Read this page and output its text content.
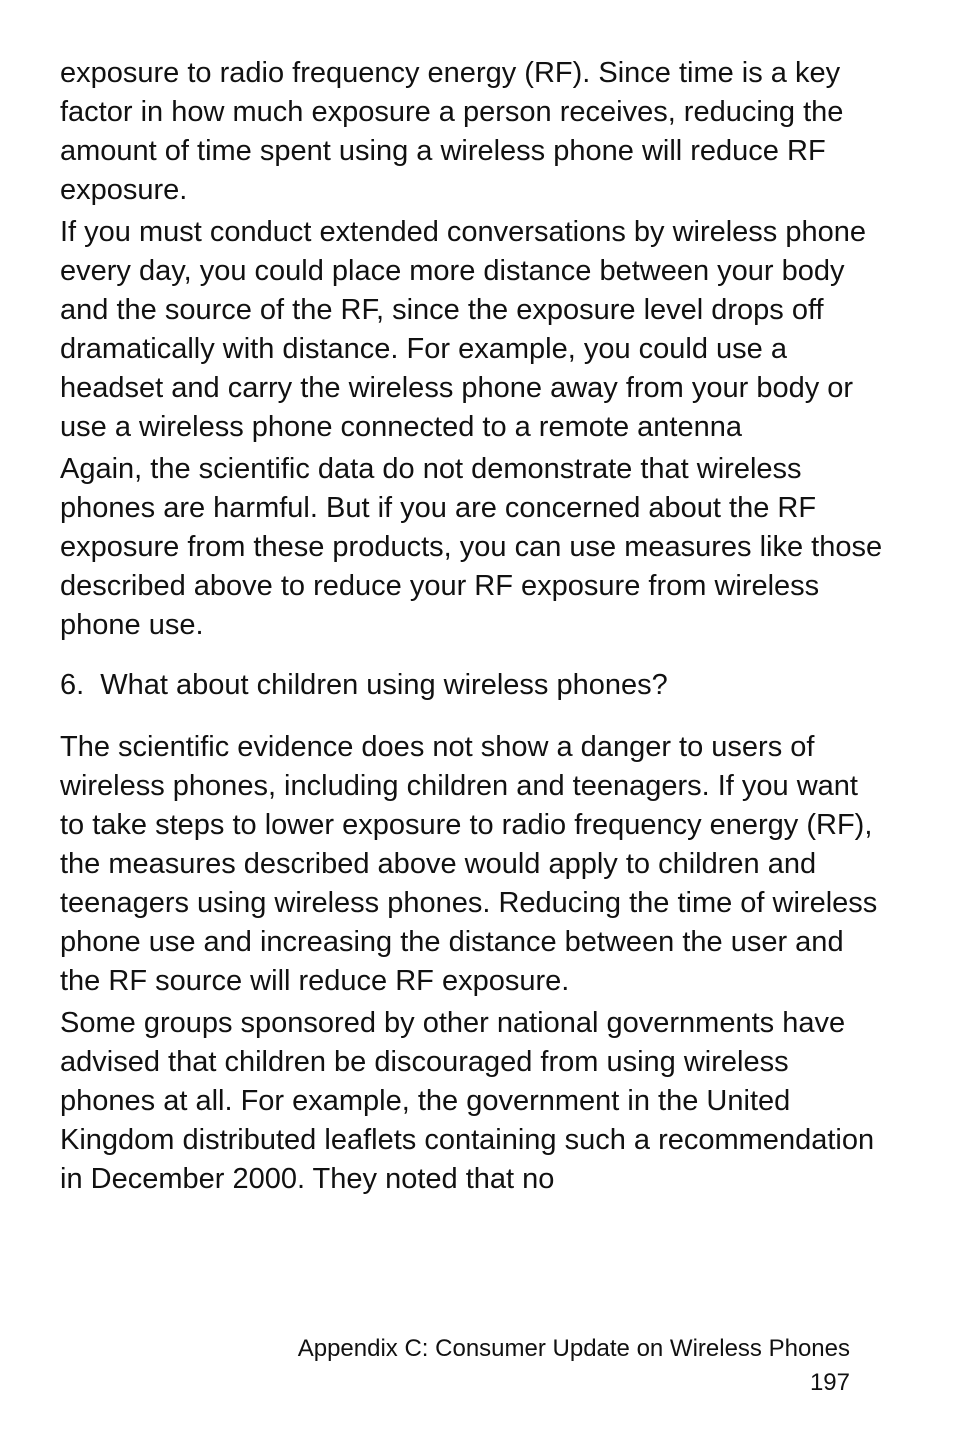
exposure to radio frequency energy (RF). Since time is a key factor in how much exposure a person receives, reducing the amount of time spent using a wireless phone will reduce RF exposure.

If you must conduct extended conversations by wireless phone every day, you could place more distance between your body and the source of the RF, since the exposure level drops off dramatically with distance. For example, you could use a headset and carry the wireless phone away from your body or use a wireless phone connected to a remote antenna

Again, the scientific data do not demonstrate that wireless phones are harmful. But if you are concerned about the RF exposure from these products, you can use measures like those described above to reduce your RF exposure from wireless phone use.

6.  What about children using wireless phones?

The scientific evidence does not show a danger to users of wireless phones, including children and teenagers. If you want to take steps to lower exposure to radio frequency energy (RF), the measures described above would apply to children and teenagers using wireless phones. Reducing the time of wireless phone use and increasing the distance between the user and the RF source will reduce RF exposure.

Some groups sponsored by other national governments have advised that children be discouraged from using wireless phones at all. For example, the government in the United Kingdom distributed leaflets containing such a recommendation in December 2000. They noted that no

Appendix C: Consumer Update on Wireless Phones
197
